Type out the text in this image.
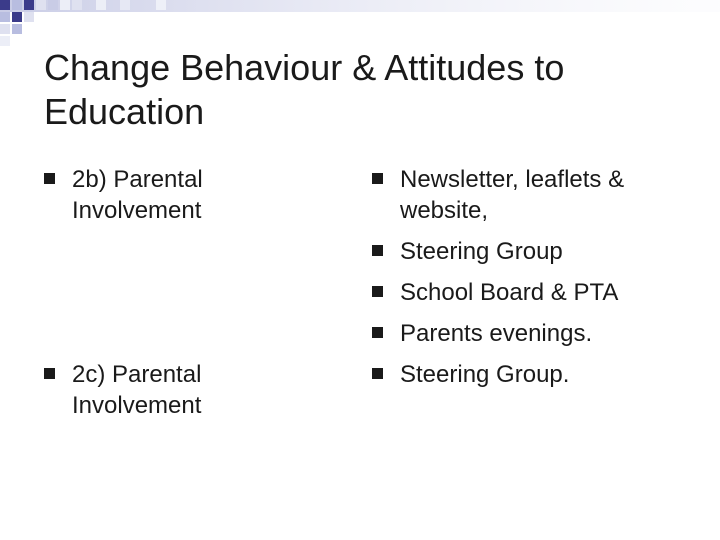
Change Behaviour & Attitudes to
Education
2b) Parental
Involvement
2c) Parental
Involvement
Newsletter, leaflets &
website,
Steering Group
School Board & PTA
Parents evenings.
Steering Group.
